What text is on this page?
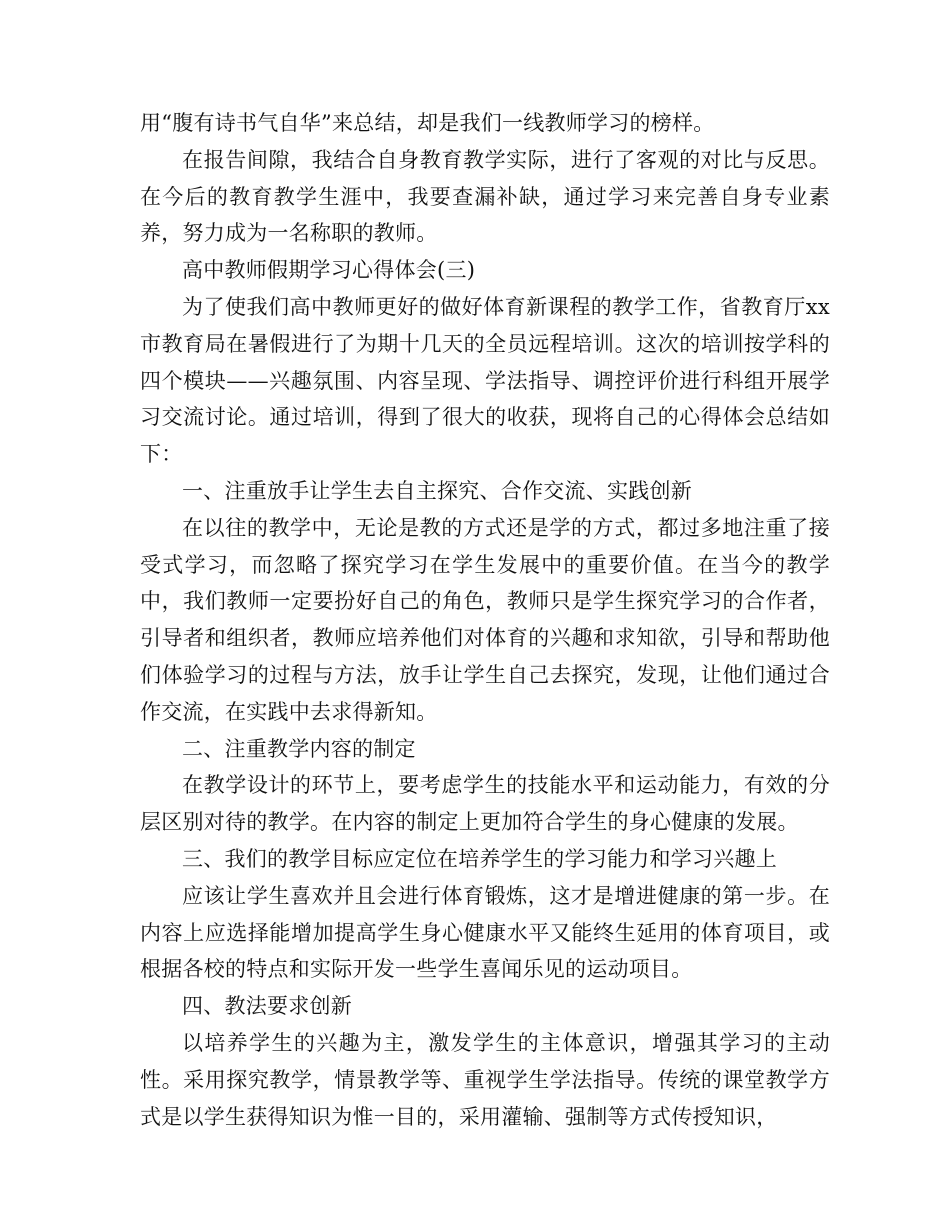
用“腹有诗书气自华”来总结，却是我们一线教师学习的榜样。

在报告间隙，我结合自身教育教学实际，进行了客观的对比与反思。在今后的教育教学生涯中，我要查漏补缺，通过学习来完善自身专业素养，努力成为一名称职的教师。

高中教师假期学习心得体会(三)

为了使我们高中教师更好的做好体育新课程的教学工作，省教育厅xx市教育局在暑假进行了为期十几天的全员远程培训。这次的培训按学科的四个模块——兴趣氛围、内容呈现、学法指导、调控评价进行科组开展学习交流讨论。通过培训，得到了很大的收获，现将自己的心得体会总结如下：

一、注重放手让学生去自主探究、合作交流、实践创新

在以往的教学中，无论是教的方式还是学的方式，都过多地注重了接受式学习，而忽略了探究学习在学生发展中的重要价值。在当今的教学中，我们教师一定要扮好自己的角色，教师只是学生探究学习的合作者，引导者和组织者，教师应培养他们对体育的兴趣和求知欲，引导和帮助他们体验学习的过程与方法，放手让学生自己去探究，发现，让他们通过合作交流，在实践中去求得新知。

二、注重教学内容的制定

在教学设计的环节上，要考虑学生的技能水平和运动能力，有效的分层区别对待的教学。在内容的制定上更加符合学生的身心健康的发展。

三、我们的教学目标应定位在培养学生的学习能力和学习兴趣上

应该让学生喜欢并且会进行体育锻炼，这才是增进健康的第一步。在内容上应选择能增加提高学生身心健康水平又能终生延用的体育项目，或根据各校的特点和实际开发一些学生喜闻乐见的运动项目。

四、教法要求创新

以培养学生的兴趣为主，激发学生的主体意识，增强其学习的主动性。采用探究教学，情景教学等、重视学生学法指导。传统的课堂教学方式是以学生获得知识为惟一目的，采用灌输、强制等方式传授知识，
